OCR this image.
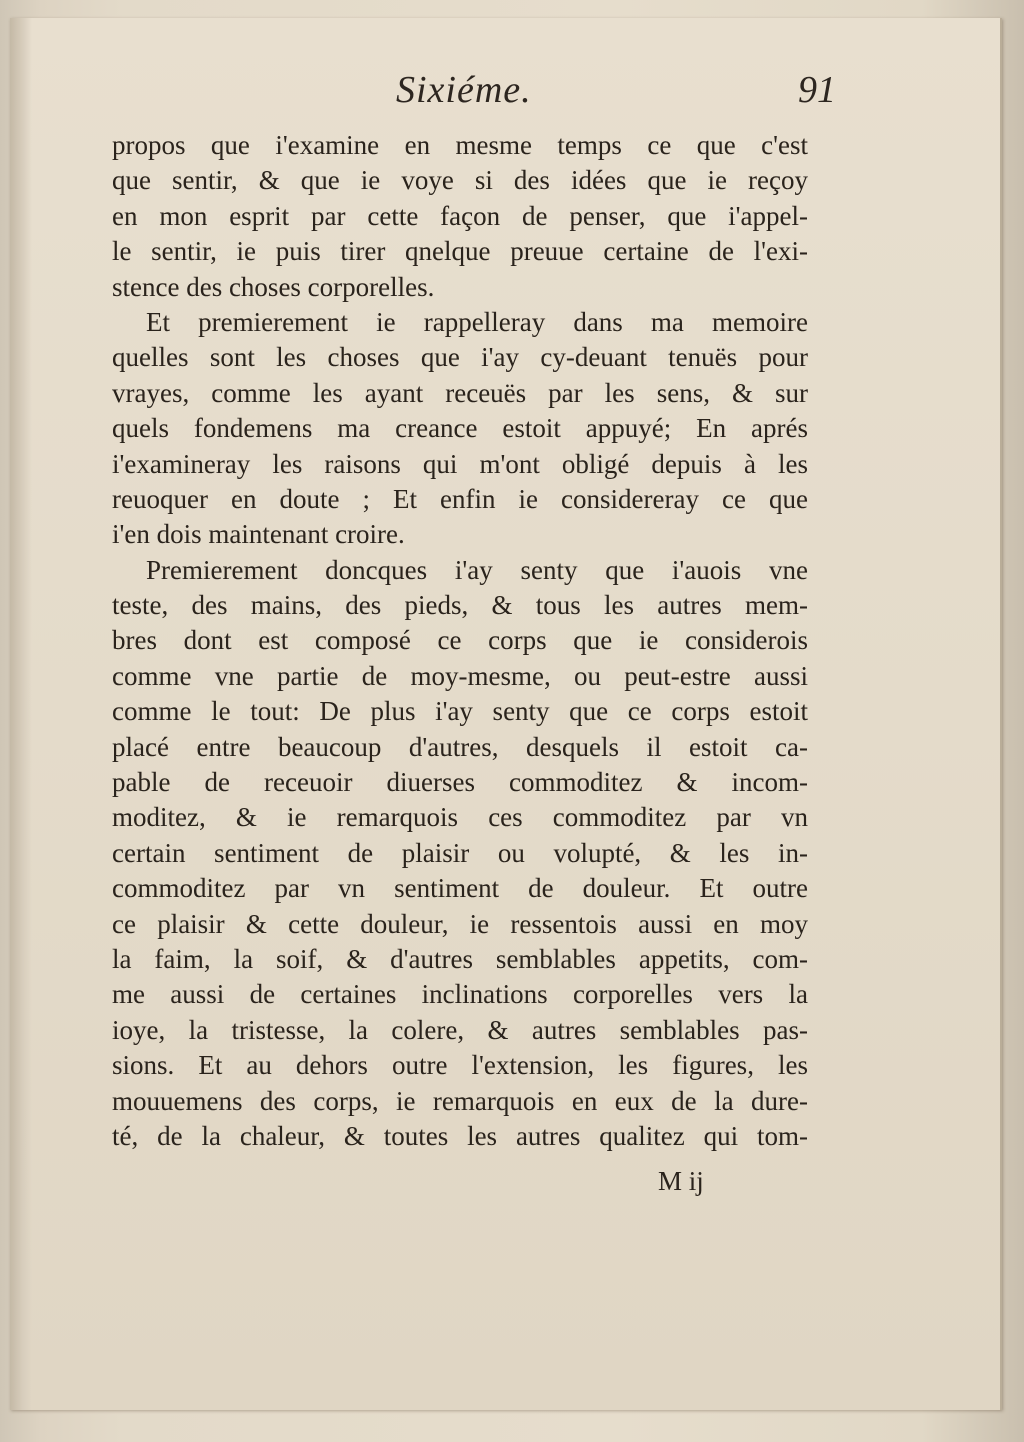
Sixiéme.	91

propos que i'examine en mesme temps ce que c'est
que sentir, & que ie voye si des idées que ie reçoy
en mon esprit par cette façon de penser, que i'appel-
le sentir, ie puis tirer qnelque preuue certaine de l'exi-
stence des choses corporelles.

Et premierement ie rappelleray dans ma memoire
quelles sont les choses que i'ay cy-deuant tenuës pour
vrayes, comme les ayant receuës par les sens, & sur
quels fondemens ma creance estoit appuyé; En aprés
i'examineray les raisons qui m'ont obligé depuis à les
reuoquer en doute ; Et enfin ie considereray ce que
i'en dois maintenant croire.

Premierement doncques i'ay senty que i'auois vne
teste, des mains, des pieds, & tous les autres mem-
bres dont est composé ce corps que ie considerois
comme vne partie de moy-mesme, ou peut-estre aussi
comme le tout: De plus i'ay senty que ce corps estoit
placé entre beaucoup d'autres, desquels il estoit ca-
pable de receuoir diuerses commoditez & incom-
moditez, & ie remarquois ces commoditez par vn
certain sentiment de plaisir ou volupté, & les in-
commoditez par vn sentiment de douleur. Et outre
ce plaisir & cette douleur, ie ressentois aussi en moy
la faim, la soif, & d'autres semblables appetits, com-
me aussi de certaines inclinations corporelles vers la
ioye, la tristesse, la colere, & autres semblables pas-
sions. Et au dehors outre l'extension, les figures, les
mouuemens des corps, ie remarquois en eux de la dure-
té, de la chaleur, & toutes les autres qualitez qui tom-

M ij
